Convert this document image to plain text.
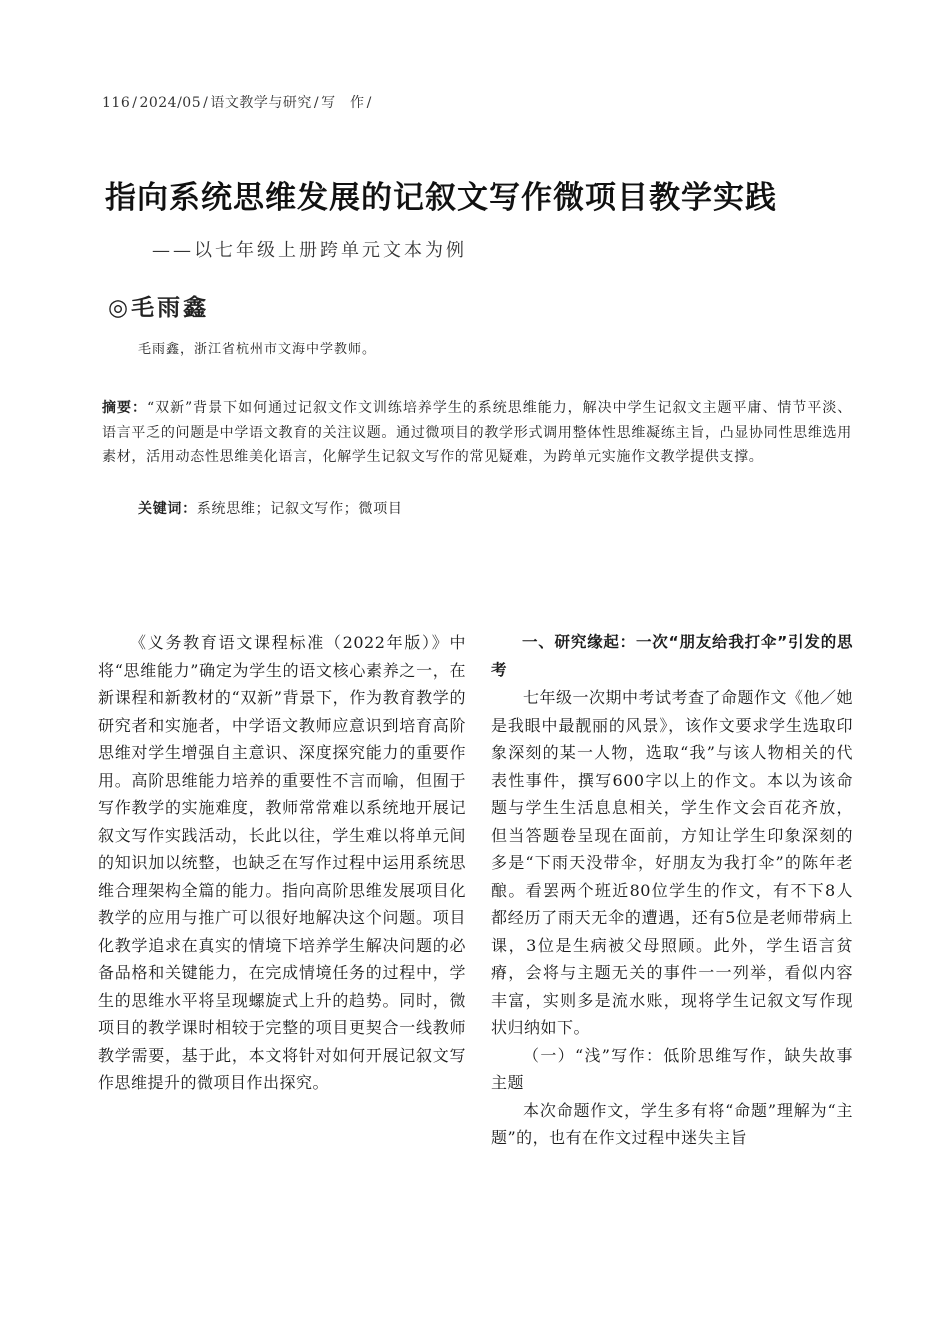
116 / 2024/05 / 语文教学与研究 / 写　作 /
指向系统思维发展的记叙文写作微项目教学实践
——以七年级上册跨单元文本为例
◎毛雨鑫
毛雨鑫，浙江省杭州市文海中学教师。

摘要：“双新”背景下如何通过记叙文作文训练培养学生的系统思维能力，解决中学生记叙文主题平庸、情节平淡、语言平乏的问题是中学语文教育的关注议题。通过微项目的教学形式调用整体性思维凝练主旨，凸显协同性思维选用素材，活用动态性思维美化语言，化解学生记叙文写作的常见疑难，为跨单元实施作文教学提供支撑。

关键词：系统思维；记叙文写作；微项目

《义务教育语文课程标准（2022年版）》中将“思维能力”确定为学生的语文核心素养之一，在新课程和新教材的“双新”背景下，作为教育教学的研究者和实施者，中学语文教师应意识到培育高阶思维对学生增强自主意识、深度探究能力的重要作用。高阶思维能力培养的重要性不言而喻，但囿于写作教学的实施难度，教师常常难以系统地开展记叙文写作实践活动，长此以往，学生难以将单元间的知识加以统整，也缺乏在写作过程中运用系统思维合理架构全篇的能力。指向高阶思维发展项目化教学的应用与推广可以很好地解决这个问题。项目化教学追求在真实的情境下培养学生解决问题的必备品格和关键能力，在完成情境任务的过程中，学生的思维水平将呈现螺旋式上升的趋势。同时，微项目的教学课时相较于完整的项目更契合一线教师教学需要，基于此，本文将针对如何开展记叙文写作思维提升的微项目作出探究。

一、研究缘起：一次“朋友给我打伞”引发的思考

七年级一次期中考试考查了命题作文《他／她是我眼中最靓丽的风景》，该作文要求学生选取印象深刻的某一人物，选取“我”与该人物相关的代表性事件，撰写600字以上的作文。本以为该命题与学生生活息息相关，学生作文会百花齐放，但当答题卷呈现在面前，方知让学生印象深刻的多是“下雨天没带伞，好朋友为我打伞”的陈年老酿。看罢两个班近80位学生的作文，有不下8人都经历了雨天无伞的遭遇，还有5位是老师带病上课，3位是生病被父母照顾。此外，学生语言贫瘠，会将与主题无关的事件一一列举，看似内容丰富，实则多是流水账，现将学生记叙文写作现状归纳如下。

（一）“浅”写作：低阶思维写作，缺失故事主题

本次命题作文，学生多有将“命题”理解为“主题”的，也有在作文过程中迷失主旨
